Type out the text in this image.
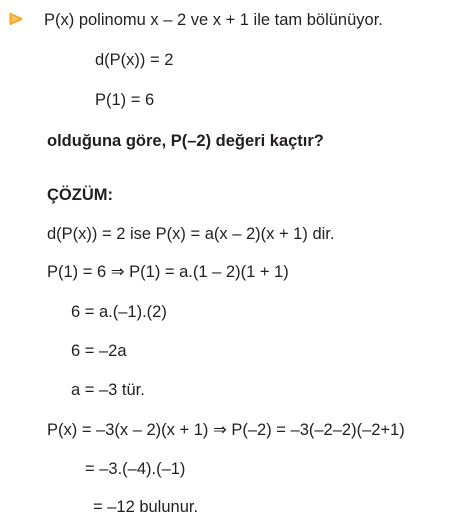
P(x) polinomu x – 2 ve x + 1 ile tam bölünüyor.
d(P(x)) = 2
P(1) = 6
olduğuna göre, P(–2) değeri kaçtır?
ÇÖZÜM:
d(P(x)) = 2 ise P(x) = a(x – 2)(x + 1) dir.
P(1) = 6 ⇒ P(1) = a.(1 – 2)(1 + 1)
6 = a.(–1).(2)
6 = –2a
a = –3 tür.
P(x) = –3(x – 2)(x + 1) ⇒ P(–2) = –3(–2–2)(–2+1)
= –3.(–4).(–1)
= –12 bulunur.
